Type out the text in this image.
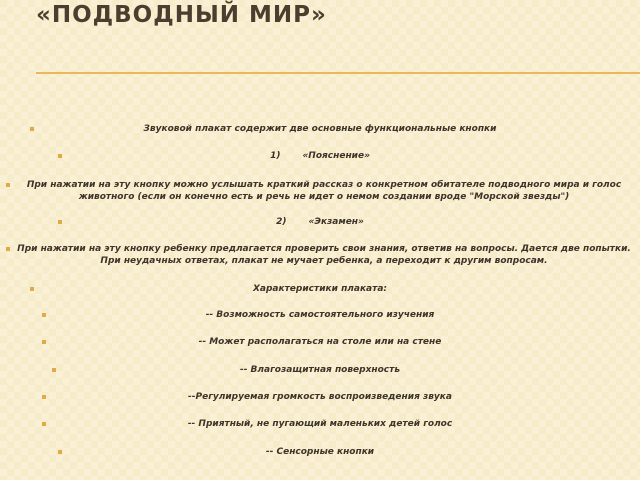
«ПОДВОДНЫЙ МИР»
Звуковой плакат содержит две основные функциональные кнопки
1) «Пояснение»
При нажатии на эту кнопку можно услышать краткий рассказ о конкретном обитателе подводного мира и голос животного (если он конечно есть и речь не идет о немом создании вроде "Морской звезды")
2) «Экзамен»
При нажатии на эту кнопку ребенку предлагается проверить свои знания, ответив на вопросы. Дается две попытки. При неудачных ответах, плакат не мучает ребенка, а переходит к другим вопросам.
Характеристики плаката:
-- Возможность самостоятельного изучения
-- Может располагаться на столе или на стене
-- Влагозащитная поверхность
--Регулируемая громкость воспроизведения звука
-- Приятный, не пугающий маленьких детей голос
-- Сенсорные кнопки
